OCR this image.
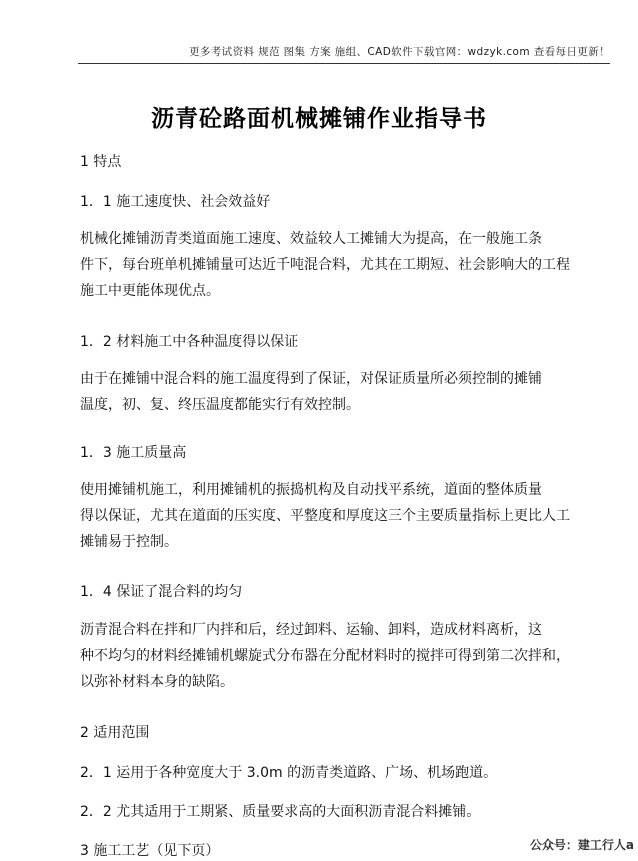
更多考试资料 规范 图集 方案 施组、CAD软件下载官网：wdzyk.com 查看每日更新！
沥青砼路面机械摊铺作业指导书
1 特点
1．1 施工速度快、社会效益好
机械化摊铺沥青类道面施工速度、效益较人工摊铺大为提高，在一般施工条
件下，每台班单机摊铺量可达近千吨混合料，尤其在工期短、社会影响大的工程
施工中更能体现优点。
1．2 材料施工中各种温度得以保证
由于在摊铺中混合料的施工温度得到了保证，对保证质量所必须控制的摊铺
温度，初、复、终压温度都能实行有效控制。
1．3 施工质量高
使用摊铺机施工，利用摊铺机的振捣机构及自动找平系统，道面的整体质量
得以保证，尤其在道面的压实度、平整度和厚度这三个主要质量指标上更比人工
摊铺易于控制。
1．4 保证了混合料的均匀
沥青混合料在拌和厂内拌和后，经过卸料、运输、卸料，造成材料离析，这
种不均匀的材料经摊铺机螺旋式分布器在分配材料时的搅拌可得到第二次拌和，
以弥补材料本身的缺陷。
2 适用范围
2．1 运用于各种宽度大于 3.0m 的沥青类道路、广场、机场跑道。
2．2 尤其适用于工期紧、质量要求高的大面积沥青混合料摊铺。
3 施工工艺（见下页）	公众号：建工行人a
